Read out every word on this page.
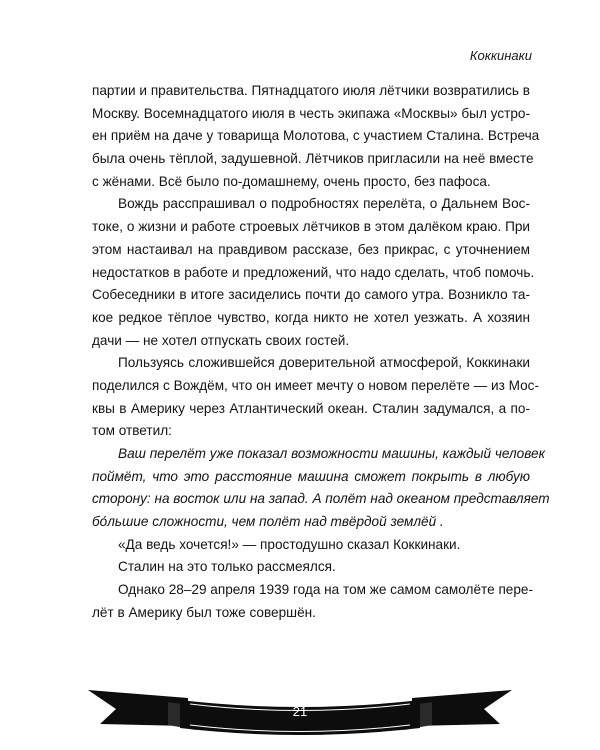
Коккинаки
партии и правительства. Пятнадцатого июля лётчики возвратились в
Москву. Восемнадцатого июля в честь экипажа «Москвы» был устро-
ен приём на даче у товарища Молотова, с участием Сталина. Встреча
была очень тёплой, задушевной. Лётчиков пригласили на неё вместе
с жёнами. Всё было по-домашнему, очень просто, без пафоса.
Вождь расспрашивал о подробностях перелёта, о Дальнем Вос-
токе, о жизни и работе строевых лётчиков в этом далёком краю. При
этом настаивал на правдивом рассказе, без прикрас, с уточнением
недостатков в работе и предложений, что надо сделать, чтоб помочь.
Собеседники в итоге засиделись почти до самого утра. Возникло та-
кое редкое тёплое чувство, когда никто не хотел уезжать. А хозяин
дачи — не хотел отпускать своих гостей.
Пользуясь сложившейся доверительной атмосферой, Коккинаки
поделился с Вождём, что он имеет мечту о новом перелёте — из Мос-
квы в Америку через Атлантический океан. Сталин задумался, а по-
том ответил:
Ваш перелёт уже показал возможности машины, каждый человек
поймёт, что это расстояние машина сможет покрыть в любую
сторону: на восток или на запад. А полёт над океаном представляет
бо́льшие сложности, чем полёт над твёрдой землёй .
«Да ведь хочется!» — простодушно сказал Коккинаки.
Сталин на это только рассмеялся.
Однако 28–29 апреля 1939 года на том же самом самолёте пере-
лёт в Америку был тоже совершён.
21
